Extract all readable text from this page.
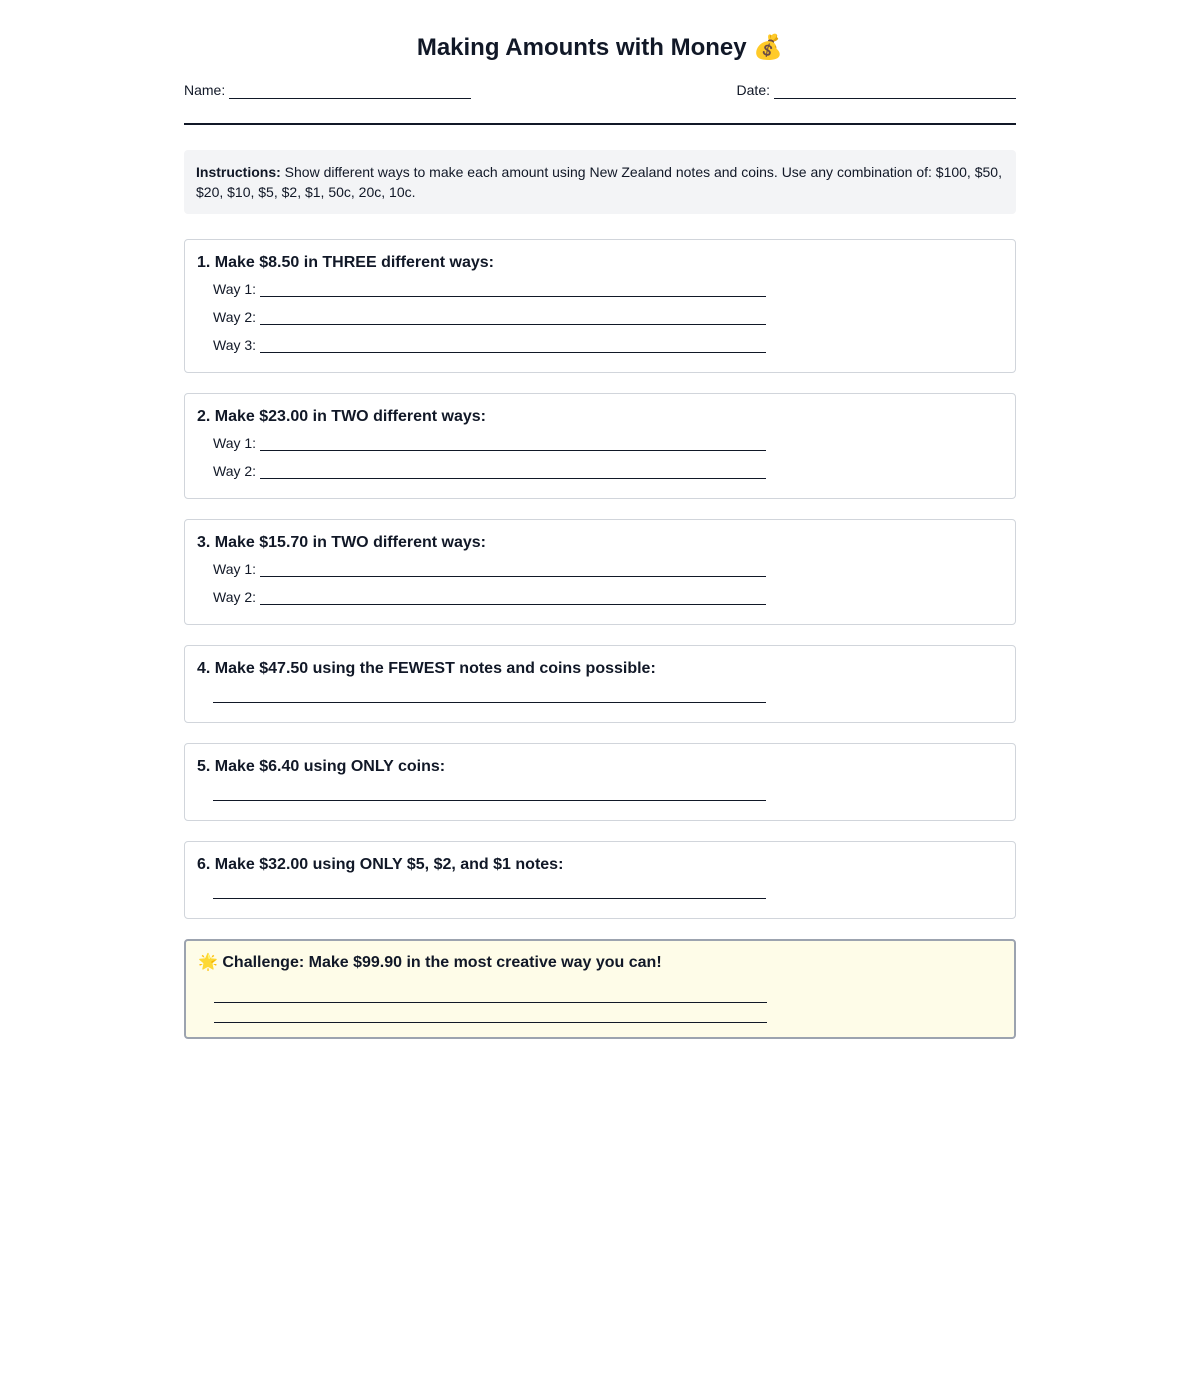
Making Amounts with Money 💰
Name:	Date:
Instructions: Show different ways to make each amount using New Zealand notes and coins. Use any combination of: $100, $50, $20, $10, $5, $2, $1, 50c, 20c, 10c.
1. Make $8.50 in THREE different ways:
Way 1:
Way 2:
Way 3:
2. Make $23.00 in TWO different ways:
Way 1:
Way 2:
3. Make $15.70 in TWO different ways:
Way 1:
Way 2:
4. Make $47.50 using the FEWEST notes and coins possible:
5. Make $6.40 using ONLY coins:
6. Make $32.00 using ONLY $5, $2, and $1 notes:
🌟 Challenge: Make $99.90 in the most creative way you can!
